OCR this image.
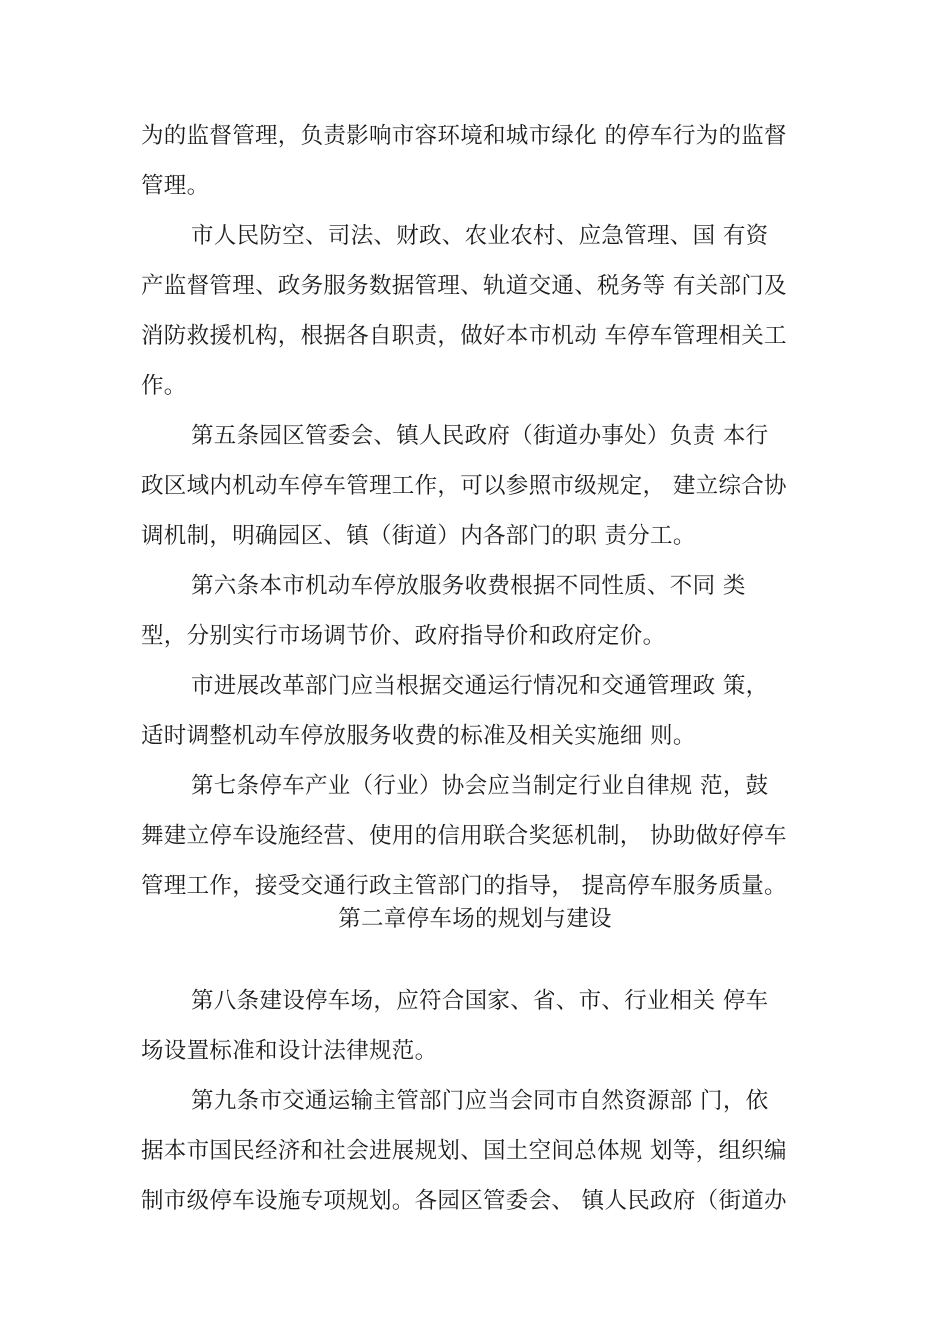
为的监督管理，负责影响市容环境和城市绿化 的停车行为的监督
管理。
市人民防空、司法、财政、农业农村、应急管理、国 有资
产监督管理、政务服务数据管理、轨道交通、税务等 有关部门及
消防救援机构，根据各自职责，做好本市机动 车停车管理相关工
作。
第五条园区管委会、镇人民政府（街道办事处）负责 本行
政区域内机动车停车管理工作，可以参照市级规定， 建立综合协
调机制，明确园区、镇（街道）内各部门的职 责分工。
第六条本市机动车停放服务收费根据不同性质、不同 类
型，分别实行市场调节价、政府指导价和政府定价。
市进展改革部门应当根据交通运行情况和交通管理政 策，
适时调整机动车停放服务收费的标准及相关实施细 则。
第七条停车产业（行业）协会应当制定行业自律规 范，鼓
舞建立停车设施经营、使用的信用联合奖惩机制， 协助做好停车
管理工作，接受交通行政主管部门的指导， 提高停车服务质量。
第二章停车场的规划与建设
第八条建设停车场，应符合国家、省、市、行业相关 停车
场设置标准和设计法律规范。
第九条市交通运输主管部门应当会同市自然资源部 门，依
据本市国民经济和社会进展规划、国土空间总体规 划等，组织编
制市级停车设施专项规划。各园区管委会、 镇人民政府（街道办
